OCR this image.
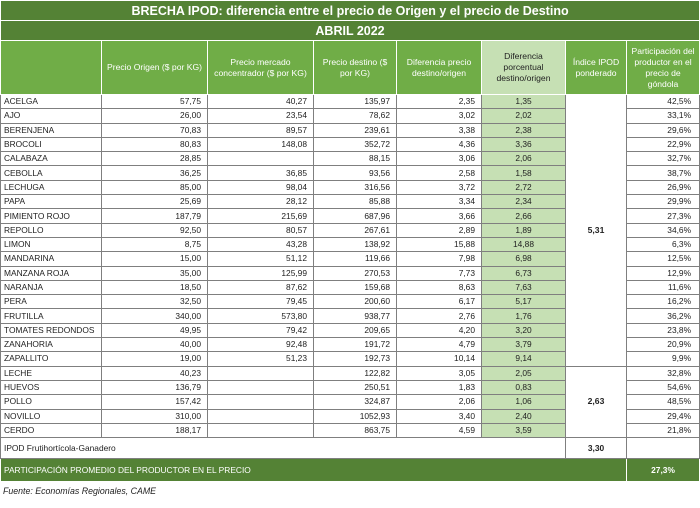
BRECHA IPOD: diferencia entre el precio de Origen y el precio de Destino							
ABRIL 2022							
	Precio Origen ($ por KG)	Precio mercado concentrador ($ por KG)	Precio destino ($ por KG)	Diferencia precio destino/origen	Diferencia porcentual destino/origen	Índice IPOD ponderado	Participación del productor en el precio de góndola
ACELGA	57,75	40,27	135,97	2,35	1,35	5,31	42,5%
AJO	26,00	23,54	78,62	3,02	2,02		33,1%
BERENJENA	70,83	89,57	239,61	3,38	2,38		29,6%
BROCOLI	80,83	148,08	352,72	4,36	3,36		22,9%
CALABAZA	28,85		88,15	3,06	2,06		32,7%
CEBOLLA	36,25	36,85	93,56	2,58	1,58		38,7%
LECHUGA	85,00	98,04	316,56	3,72	2,72		26,9%
PAPA	25,69	28,12	85,88	3,34	2,34		29,9%
PIMIENTO ROJO	187,79	215,69	687,96	3,66	2,66		27,3%
REPOLLO	92,50	80,57	267,61	2,89	1,89		34,6%
LIMON	8,75	43,28	138,92	15,88	14,88		6,3%
MANDARINA	15,00	51,12	119,66	7,98	6,98		12,5%
MANZANA ROJA	35,00	125,99	270,53	7,73	6,73		12,9%
NARANJA	18,50	87,62	159,68	8,63	7,63		11,6%
PERA	32,50	79,45	200,60	6,17	5,17		16,2%
FRUTILLA	340,00	573,80	938,77	2,76	1,76		36,2%
TOMATES REDONDOS	49,95	79,42	209,65	4,20	3,20		23,8%
ZANAHORIA	40,00	92,48	191,72	4,79	3,79		20,9%
ZAPALLITO	19,00	51,23	192,73	10,14	9,14		9,9%
LECHE	40,23		122,82	3,05	2,05	2,63	32,8%
HUEVOS	136,79		250,51	1,83	0,83		54,6%
POLLO	157,42		324,87	2,06	1,06		48,5%
NOVILLO	310,00		1052,93	3,40	2,40		29,4%
CERDO	188,17		863,75	4,59	3,59		21,8%
IPOD Frutihortícola-Ganadero						3,30	
PARTICIPACIÓN PROMEDIO DEL PRODUCTOR EN EL PRECIO							27,3%
Fuente: Economías Regionales, CAME
